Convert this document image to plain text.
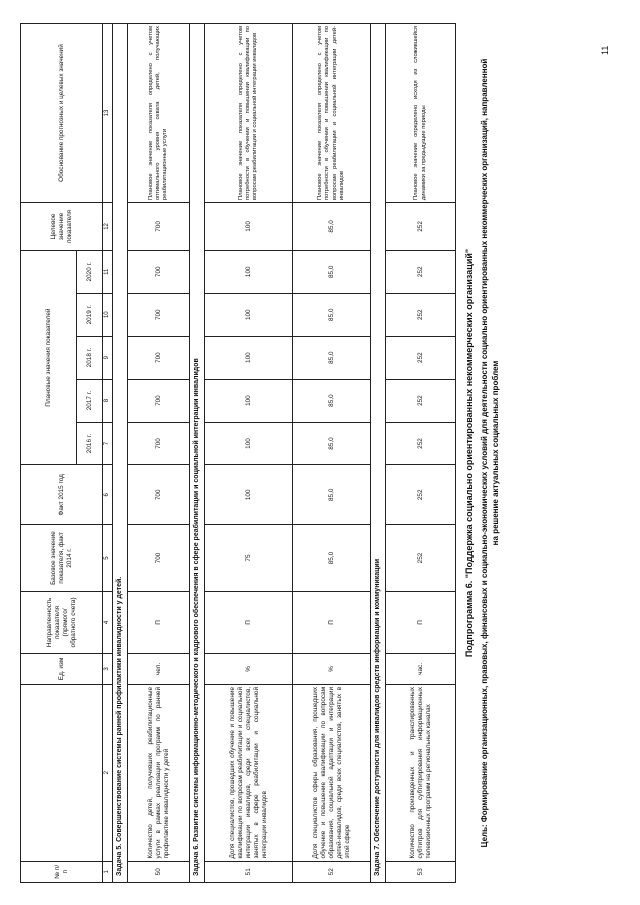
11
№ п/п		Ед. изм	Направленность показателя (прямого/обратного счета)	Базовое значение показателя, факт 2014 г.	Факт 2015 год	Плановые значения показателей					Целевое значение показателя	Обоснование прогнозных и целевых значений
						2016 г.	2017 г.	2018 г.	2019 г.	2020 г.		
1	2	3	4	5	6	7	8	9	10	11	12	13
Задача 5. Совершенствование системы ранней профилактики инвалидности у детей.												
50	Количество детей, получивших реабилитационные услуги в рамках реализации программ по ранней профилактике инвалидности у детей	чел.	П	700	700	700	700	700	700	700	700	Плановое значение показателя определено с учетом оптимального уровня охвата детей, получающих реабилитационные услуги
Задача 6. Развитие системы информационно-методического и кадрового обеспечения в сфере реабилитации и социальной интеграции инвалидов												
51	Доля специалистов, прошедших обучение и повышение квалификации по вопросам реабилитации и социальной интеграции инвалидов, среди всех специалистов, занятых в сфере реабилитации и социальной интеграции инвалидов	%	П	75	100	100	100	100	100	100	100	Плановое значение показателя определено с учетом потребности в обучении и повышении квалификации по вопросам реабилитации и социальной интеграции инвалидов
52	Доля специалистов сферы образования, прошедших обучение и повышение квалификации по вопросам образования, социальной адаптации и интеграции детей-инвалидов, среди всех специалистов, занятых в этой сфере	%	П	85,0	85,0	85,0	85,0	85,0	85,0	85,0	85,0	Плановое значение показателя определено с учетом потребности в обучении и повышении квалификации по вопросам реабилитации и социальной интеграции детей-инвалидов
Задача 7. Обеспечение доступности для инвалидов средств информации и коммуникации												
53	Количество произведенных и транслированных субтитров для субтитрирования информационных телевизионных программ на региональных каналах	час.	П	252	252	252	252	252	252	252	252	Плановое значение определено исходя из сложившейся динамики за предыдущие периоды
Подпрограмма 6. "Поддержка социально ориентированных некоммерческих организаций" Цель: Формирование организационных, правовых, финансовых и социально-экономических условий для деятельности социально ориентированных некоммерческих организаций, направленной на решение актуальных социальных проблем
